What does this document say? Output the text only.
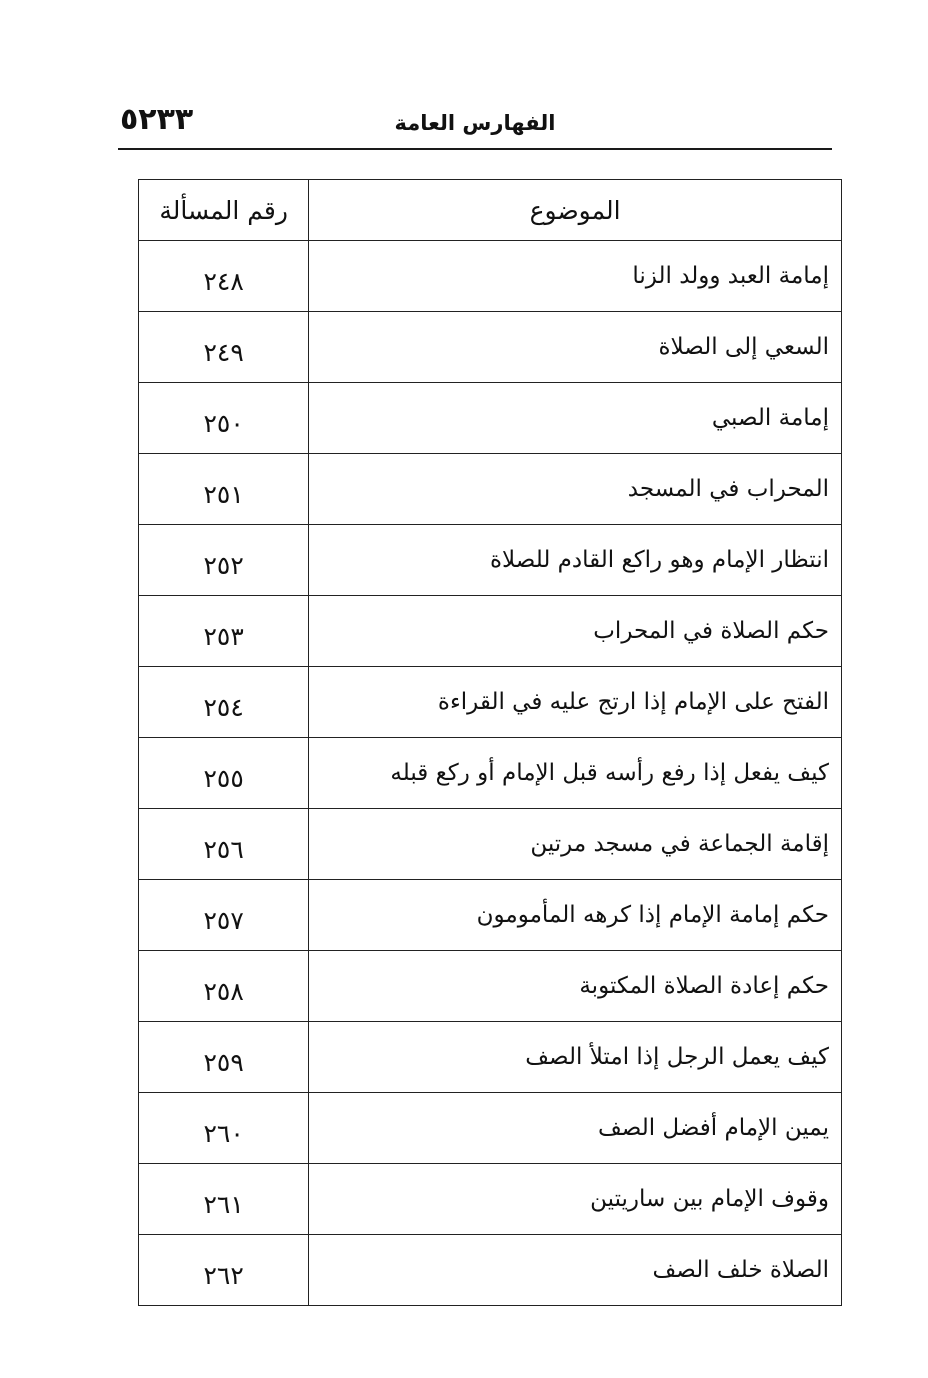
٥٢٣٣	الفهارس العامة
الموضوع	رقم المسألة
إمامة العبد وولد الزنا	٢٤٨
السعي إلى الصلاة	٢٤٩
إمامة الصبي	٢٥٠
المحراب في المسجد	٢٥١
انتظار الإمام وهو راكع القادم للصلاة	٢٥٢
حكم الصلاة في المحراب	٢٥٣
الفتح على الإمام إذا ارتج عليه في القراءة	٢٥٤
كيف يفعل إذا رفع رأسه قبل الإمام أو ركع قبله	٢٥٥
إقامة الجماعة في مسجد مرتين	٢٥٦
حكم إمامة الإمام إذا كرهه المأمومون	٢٥٧
حكم إعادة الصلاة المكتوبة	٢٥٨
كيف يعمل الرجل إذا امتلأ الصف	٢٥٩
يمين الإمام أفضل الصف	٢٦٠
وقوف الإمام بين ساريتين	٢٦١
الصلاة خلف الصف	٢٦٢
